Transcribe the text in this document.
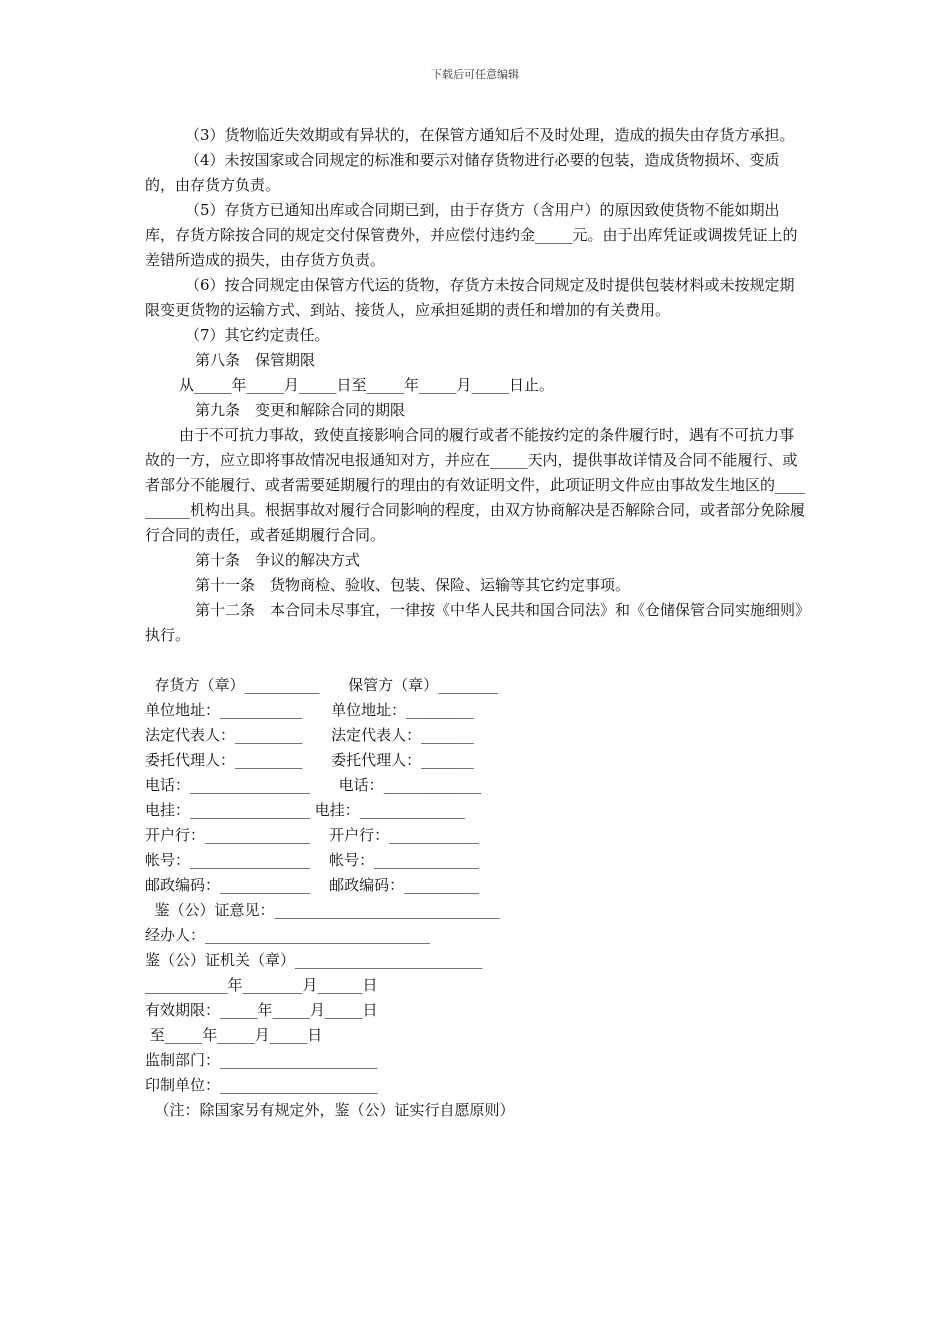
下载后可任意编辑

（3）货物临近失效期或有异状的，在保管方通知后不及时处理，造成的损失由存货方承担。

（4）未按国家或合同规定的标准和要示对储存货物进行必要的包装，造成货物损坏、变质的，由存货方负责。

（5）存货方已通知出库或合同期已到，由于存货方（含用户）的原因致使货物不能如期出库，存货方除按合同的规定交付保管费外，并应偿付违约金_____元。由于出库凭证或调拨凭证上的差错所造成的损失，由存货方负责。

（6）按合同规定由保管方代运的货物，存货方未按合同规定及时提供包装材料或未按规定期限变更货物的运输方式、到站、接货人，应承担延期的责任和增加的有关费用。

（7）其它约定责任。

第八条　保管期限

从_____年_____月_____日至_____年_____月_____日止。

第九条　变更和解除合同的期限

由于不可抗力事故，致使直接影响合同的履行或者不能按约定的条件履行时，遇有不可抗力事故的一方，应立即将事故情况电报通知对方，并应在_____天内，提供事故详情及合同不能履行、或者部分不能履行、或者需要延期履行的理由的有效证明文件，此项证明文件应由事故发生地区的__________机构出具。根据事故对履行合同影响的程度，由双方协商解决是否解除合同，或者部分免除履行合同的责任，或者延期履行合同。

第十条　争议的解决方式

第十一条　货物商检、验收、包装、保险、运输等其它约定事项。

第十二条　本合同未尽事宜，一律按《中华人民共和国合同法》和《仓储保管合同实施细则》执行。

存货方（章）__________      保管方（章）________

单位地址：___________      单位地址：_________

法定代表人：_________      法定代表人：_______

委托代理人：_________      委托代理人：_______

电话：________________      电话：_____________

电挂：________________ 电挂：______________

开户行：______________    开户行：____________

帐号：________________    帐号：______________

邮政编码：____________    邮政编码：__________

鉴（公）证意见：______________________________

经办人：______________________________

鉴（公）证机关（章）_________________________

___________年________月______日

有效期限：_____年_____月_____日

至_____年_____月_____日

监制部门：_____________________

印制单位：_____________________

（注：除国家另有规定外，鉴（公）证实行自愿原则）
